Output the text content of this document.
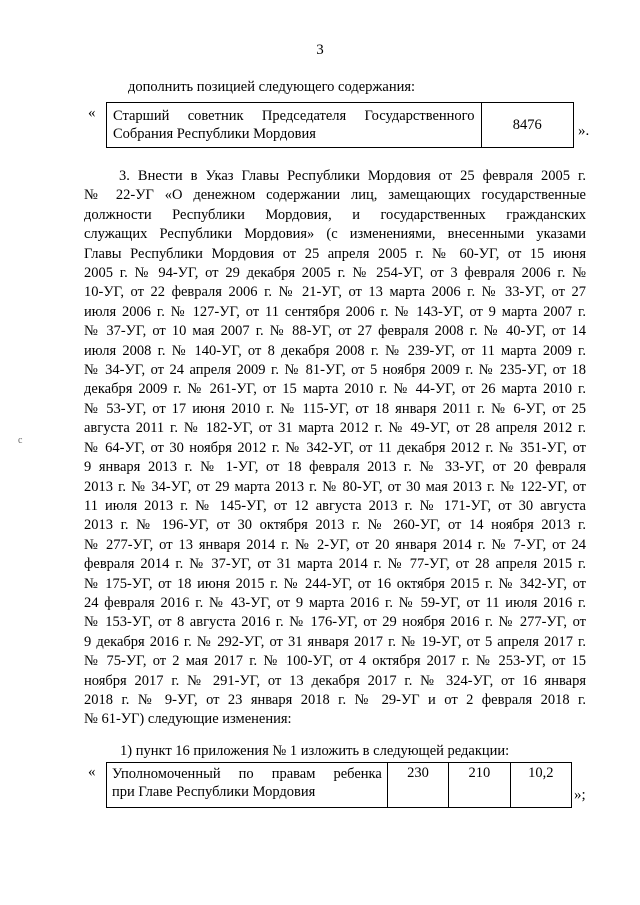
3
дополнить позицией следующего содержания:
« Старший советник Председателя Государственного
Собрания Республики Мордовия
	8476 ».
с

3. Внести в Указ Главы Республики Мордовия от 25 февраля 2005 г.

№ 22-УГ «О денежном содержании лиц, замещающих государственные

должности Республики Мордовия, и государственных гражданских

служащих Республики Мордовия» (с изменениями, внесенными указами

Главы Республики Мордовия от 25 апреля 2005 г. № 60-УГ, от 15 июня

2005 г. № 94-УГ, от 29 декабря 2005 г. № 254-УГ, от 3 февраля 2006 г. №

10-УГ, от 22 февраля 2006 г. № 21-УГ, от 13 марта 2006 г. № 33-УГ, от 27

июля 2006 г. № 127-УГ, от 11 сентября 2006 г. № 143-УГ, от 9 марта 2007 г.

№ 37-УГ, от 10 мая 2007 г. № 88-УГ, от 27 февраля 2008 г. № 40-УГ, от 14

июля 2008 г. № 140-УГ, от 8 декабря 2008 г. № 239-УГ, от 11 марта 2009 г.

№ 34-УГ, от 24 апреля 2009 г. № 81-УГ, от 5 ноября 2009 г. № 235-УГ, от 18

декабря 2009 г. № 261-УГ, от 15 марта 2010 г. № 44-УГ, от 26 марта 2010 г.

№ 53-УГ, от 17 июня 2010 г. № 115-УГ, от 18 января 2011 г. № 6-УГ, от 25

августа 2011 г. № 182-УГ, от 31 марта 2012 г. № 49-УГ, от 28 апреля 2012 г.

№ 64-УГ, от 30 ноября 2012 г. № 342-УГ, от 11 декабря 2012 г. № 351-УГ, от

9 января 2013 г. № 1-УГ, от 18 февраля 2013 г. № 33-УГ, от 20 февраля

2013 г. № 34-УГ, от 29 марта 2013 г. № 80-УГ, от 30 мая 2013 г. № 122-УГ, от

11 июля 2013 г. № 145-УГ, от 12 августа 2013 г. № 171-УГ, от 30 августа

2013 г. № 196-УГ, от 30 октября 2013 г. № 260-УГ, от 14 ноября 2013 г.

№ 277-УГ, от 13 января 2014 г. № 2-УГ, от 20 января 2014 г. № 7-УГ, от 24

февраля 2014 г. № 37-УГ, от 31 марта 2014 г. № 77-УГ, от 28 апреля 2015 г.

№ 175-УГ, от 18 июня 2015 г. № 244-УГ, от 16 октября 2015 г. № 342-УГ, от

24 февраля 2016 г. № 43-УГ, от 9 марта 2016 г. № 59-УГ, от 11 июля 2016 г.

№ 153-УГ, от 8 августа 2016 г. № 176-УГ, от 29 ноября 2016 г. № 277-УГ, от

9 декабря 2016 г. № 292-УГ, от 31 января 2017 г. № 19-УГ, от 5 апреля 2017 г.

№ 75-УГ, от 2 мая 2017 г. № 100-УГ, от 4 октября 2017 г. № 253-УГ, от 15

ноября 2017 г. № 291-УГ, от 13 декабря 2017 г. № 324-УГ, от 16 января

2018 г. № 9-УГ, от 23 января 2018 г. № 29-УГ и от 2 февраля 2018 г.

№ 61-УГ) следующие изменения:

1) пункт 16 приложения № 1 изложить в следующей редакции:
« Уполномоченный по правам ребенка
при Главе Республики Мордовия
	230	210	10,2
»;
